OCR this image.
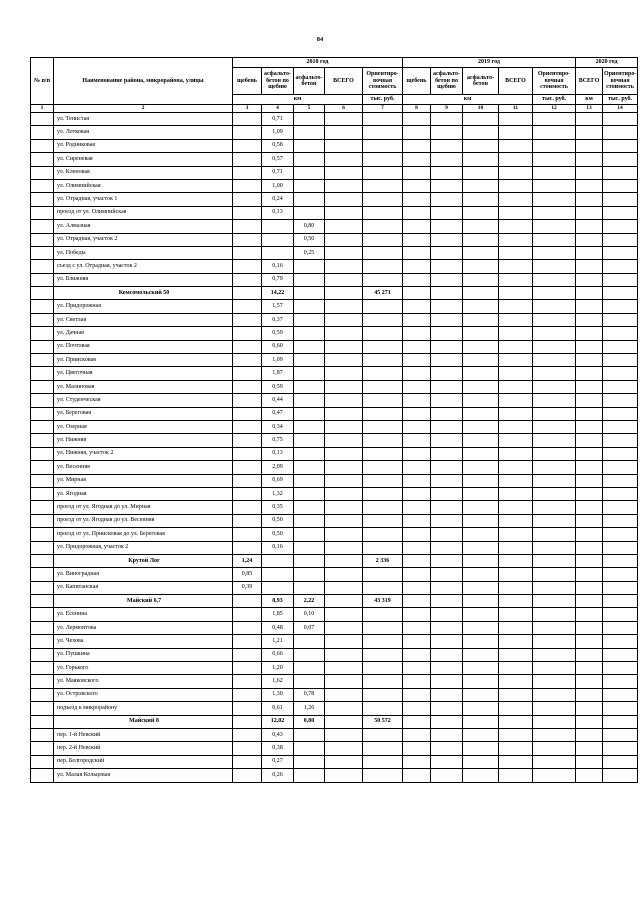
84
№ п/п	Наименование района, микрорайона, улицы	2018 год					2019 год					2020 год	
		щебень	асфальто-бетон по щебню	асфальто-бетон	ВСЕГО	Ориентиро-вочная стоимость	щебень	асфальто-бетон по щебню	асфальто-бетон	ВСЕГО	Ориентиро-вочная стоимость	ВСЕГО	Ориентиро-вочная стоимость
		км				тыс. руб.	км				тыс. руб.	км	тыс. руб.
1	2	3	4	5	6	7	8	9	10	11	12	13	14
	ул. Тенистая		0,71										
	ул. Лотковая		1,09										
	ул. Родниковая		0,58										
	ул. Сиреневая		0,57										
	ул. Кленовая		0,71										
	ул. Олимпийская		1,00										
	ул. Отрадная, участок 1		0,24										
	проезд от ул. Олимпийская		0,13										
	ул. Алмазная			0,80									
	ул. Отрадная, участок 2			0,50									
	ул. Победы			0,25									
	съезд с ул. Отрадная, участок 2		0,16										
	ул. Ближняя		0,79										
	Комсомольский 50		14,22			45 271							
	ул. Придорожная		1,57										
	ул. Светлая		0,37										
	ул. Дачная		0,59										
	ул. Почтовая		0,60										
	ул. Приисковая		1,09										
	ул. Цветочная		1,87										
	ул. Малиновая		0,59										
	ул. Студенческая		0,44										
	ул. Береговая		0,47										
	ул. Озерная		0,34										
	ул. Нижняя		0,75										
	ул. Нижняя, участок 2		0,13										
	ул. Весенняя		2,09										
	ул. Мирная		0,69										
	ул. Ягодная		1,32										
	проезд от ул. Ягодная до ул. Мирная		0,35										
	проезд от ул. Ягодная до ул. Весенняя		0,50										
	проезд от ул. Приисковая до ул. Береговая		0,50										
	ул. Придорожная, участок 2		0,16										
	Крутой Лог	1,24				2 336							
	ул. Виноградная	0,85											
	ул. Капитанская	0,39											
	Майский 6,7		8,93	2,22		43 319							
	ул. Есенина		1,85	0,10									
	ул. Лермонтова		0,48	0,07									
	ул. Чехова		1,21										
	ул. Пушкина		0,66										
	ул. Горького		1,20										
	ул. Маяковского		1,62										
	ул. Островского		1,30	0,78									
	подъезд к микрорайону		0,61	1,26									
	Майский 8		12,02	0,80		50 572							
	пер. 1-й Невский		0,43										
	пер. 2-й Невский		0,38										
	пер. Белгородский		0,27										
	ул. Малая Кольцевая		0,26										
